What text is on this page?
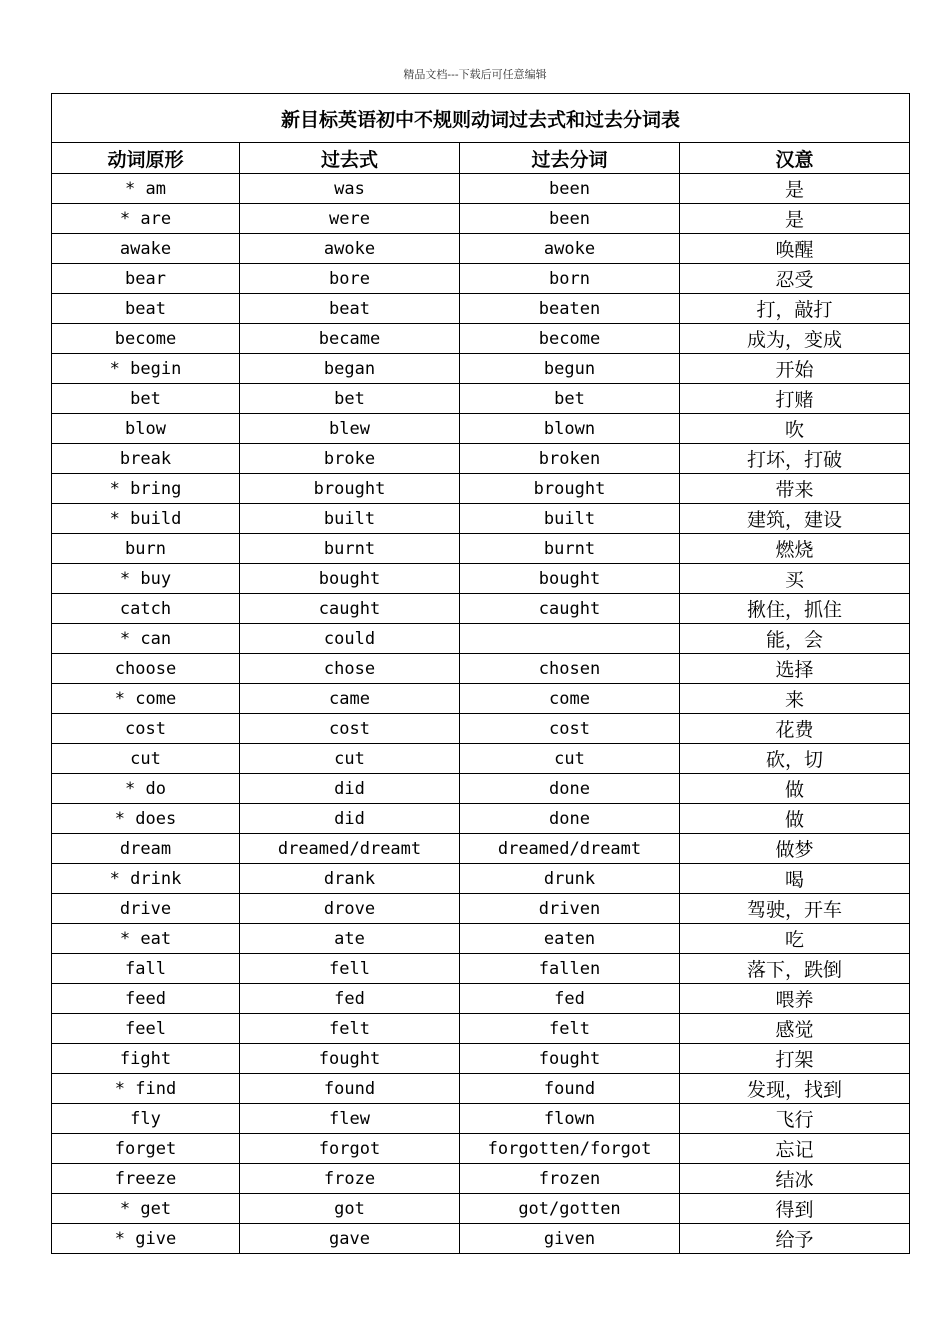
精品文档---下载后可任意编辑
新目标英语初中不规则动词过去式和过去分词表			
动词原形	过去式	过去分词	汉意
* am	was	been	是
* are	were	been	是
awake	awoke	awoke	唤醒
bear	bore	born	忍受
beat	beat	beaten	打，敲打
become	became	become	成为，变成
* begin	began	begun	开始
bet	bet	bet	打赌
blow	blew	blown	吹
break	broke	broken	打坏，打破
* bring	brought	brought	带来
* build	built	built	建筑，建设
burn	burnt	burnt	燃烧
* buy	bought	bought	买
catch	caught	caught	揪住，抓住
* can	could		能，会
choose	chose	chosen	选择
* come	came	come	来
cost	cost	cost	花费
cut	cut	cut	砍，切
* do	did	done	做
* does	did	done	做
dream	dreamed/dreamt	dreamed/dreamt	做梦
* drink	drank	drunk	喝
drive	drove	driven	驾驶，开车
* eat	ate	eaten	吃
fall	fell	fallen	落下，跌倒
feed	fed	fed	喂养
feel	felt	felt	感觉
fight	fought	fought	打架
* find	found	found	发现，找到
fly	flew	flown	飞行
forget	forgot	forgotten/forgot	忘记
freeze	froze	frozen	结冰
* get	got	got/gotten	得到
* give	gave	given	给予
